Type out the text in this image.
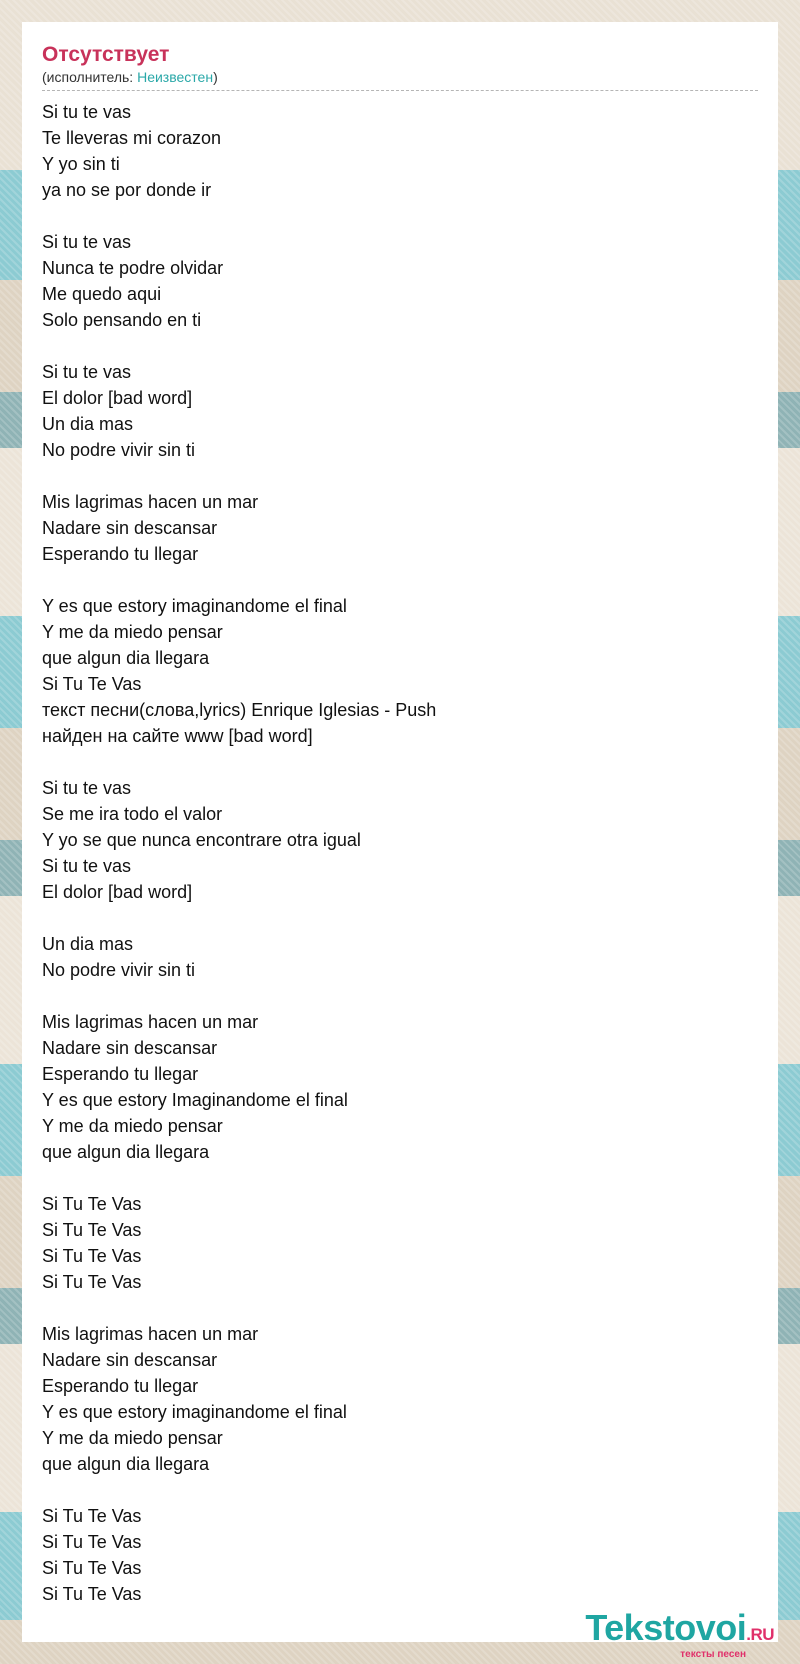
Отсутствует
(исполнитель: Неизвестен)
Si tu te vas
Te lleveras mi corazon
Y yo sin ti
ya no se por donde ir
Si tu te vas
Nunca te podre olvidar
Me quedo aqui
Solo pensando en ti
Si tu te vas
El dolor [bad word]
Un dia mas
No podre vivir sin ti
Mis lagrimas hacen un mar
Nadare sin descansar
Esperando tu llegar
Y es que estory imaginandome el final
Y me da miedo pensar
que algun dia llegara
Si Tu Te Vas
текст песни(слова,lyrics) Enrique Iglesias - Push
найден на сайте www [bad word]
Si tu te vas
Se me ira todo el valor
Y yo se que nunca encontrare otra igual
Si tu te vas
El dolor [bad word]
Un dia mas
No podre vivir sin ti
Mis lagrimas hacen un mar
Nadare sin descansar
Esperando tu llegar
Y es que estory Imaginandome el final
Y me da miedo pensar
que algun dia llegara
Si Tu Te Vas
Si Tu Te Vas
Si Tu Te Vas
Si Tu Te Vas
Mis lagrimas hacen un mar
Nadare sin descansar
Esperando tu llegar
Y es que estory imaginandome el final
Y me da miedo pensar
que algun dia llegara
Si Tu Te Vas
Si Tu Te Vas
Si Tu Te Vas
Si Tu Te Vas
Tekstovoi.RU
тексты песен
